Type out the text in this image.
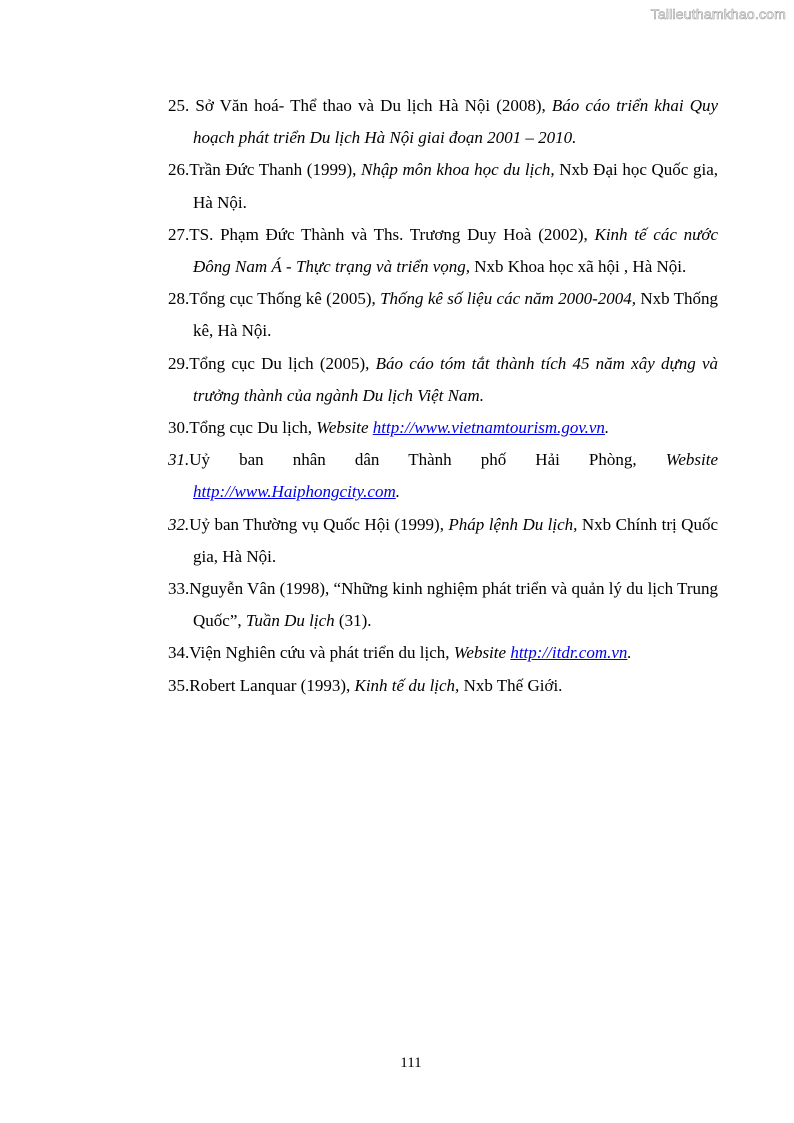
Tailieuthamkhao.com
25. Sở Văn hoá- Thể thao và Du lịch Hà Nội (2008), Báo cáo triển khai Quy hoạch phát triển Du lịch Hà Nội giai đoạn 2001 – 2010.
26.Trần Đức Thanh (1999), Nhập môn khoa học du lịch, Nxb Đại học Quốc gia, Hà Nội.
27.TS. Phạm Đức Thành và Ths. Trương Duy Hoà (2002), Kinh tế các nước Đông Nam Á - Thực trạng và triển vọng, Nxb Khoa học xã hội , Hà Nội.
28.Tổng cục Thống kê (2005), Thống kê số liệu các năm 2000-2004, Nxb Thống kê, Hà Nội.
29.Tổng cục Du lịch (2005), Báo cáo tóm tắt thành tích 45 năm xây dựng và trưởng thành của ngành Du lịch Việt Nam.
30.Tổng cục Du lịch, Website http://www.vietnamtourism.gov.vn.
31.Uỷ ban nhân dân Thành phố Hải Phòng, Website
http://www.Haiphongcity.com.
32.Uỷ ban Thường vụ Quốc Hội (1999), Pháp lệnh Du lịch, Nxb Chính trị Quốc gia, Hà Nội.
33.Nguyễn Vân (1998), “Những kinh nghiệm phát triển và quản lý du lịch Trung Quốc”, Tuần Du lịch (31).
34.Viện Nghiên cứu và phát triển du lịch, Website http://itdr.com.vn.
35.Robert Lanquar (1993), Kinh tế du lịch, Nxb Thế Giới.
111
